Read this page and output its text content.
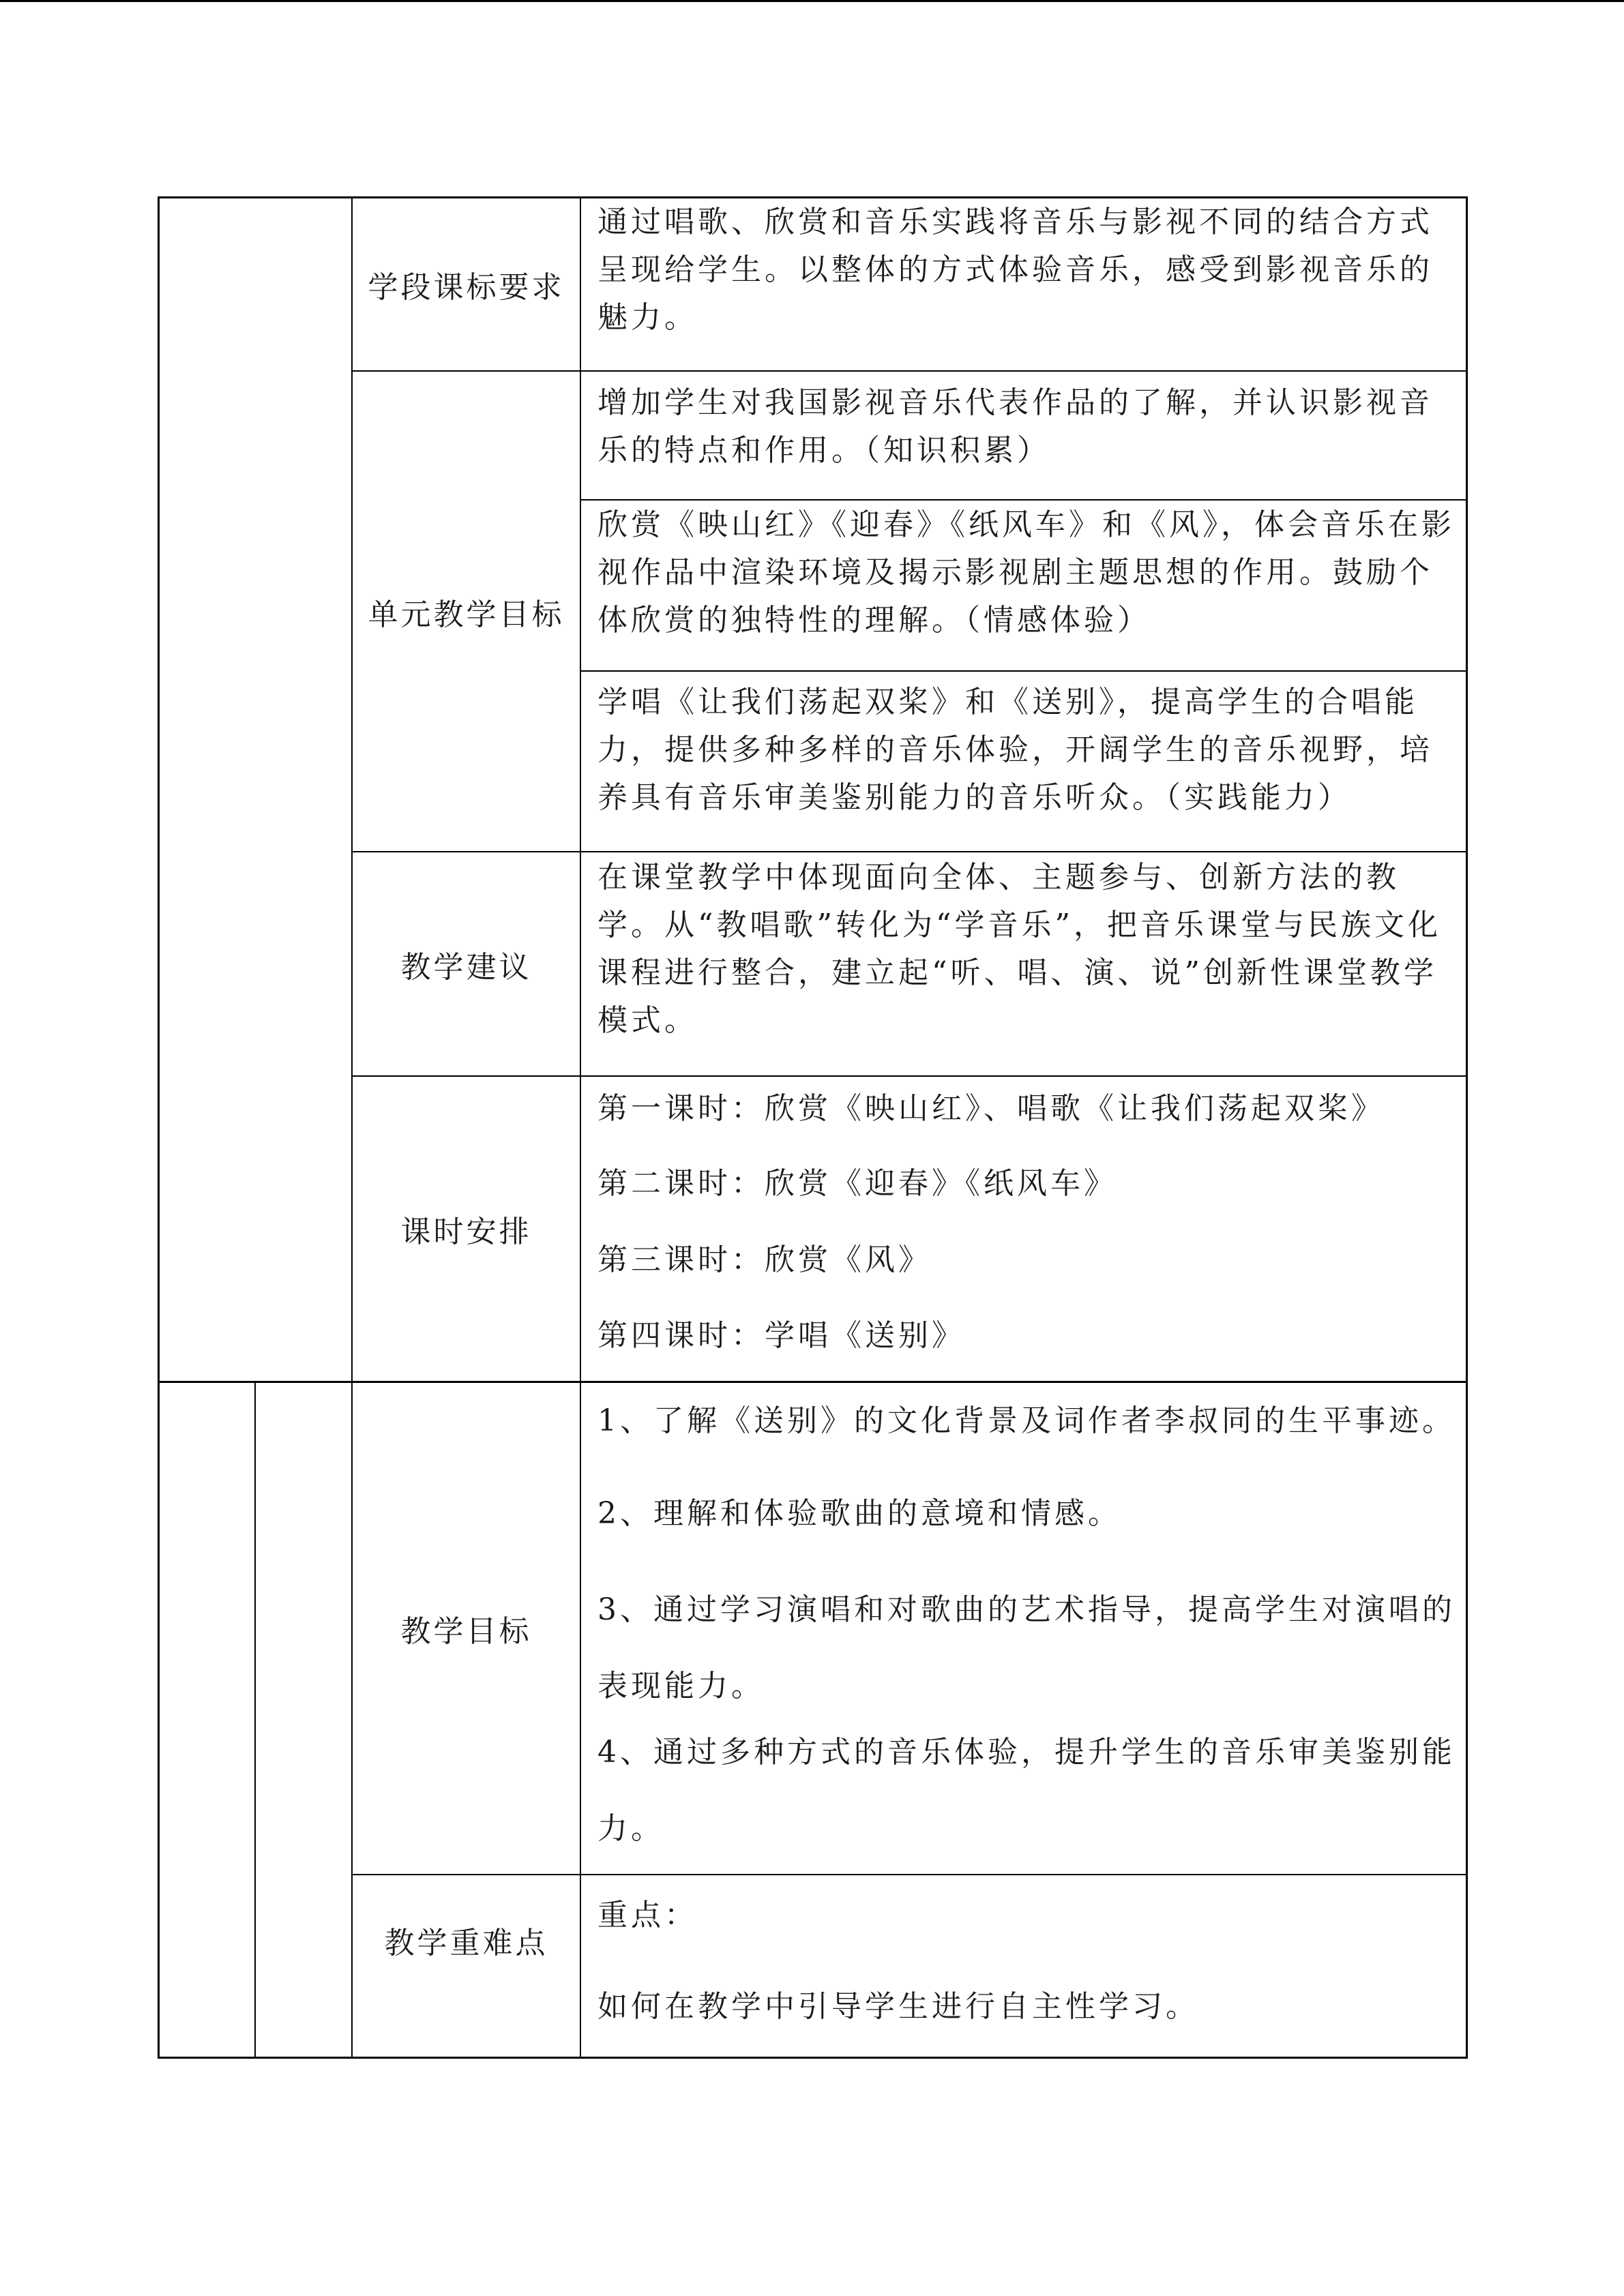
学段课标要求
通过唱歌、欣赏和音乐实践将音乐与影视不同的结合方式呈现给学生。以整体的方式体验音乐，感受到影视音乐的魅力。
单元教学目标
增加学生对我国影视音乐代表作品的了解，并认识影视音乐的特点和作用。（知识积累）
欣赏《映山红》《迎春》《纸风车》和《风》，体会音乐在影视作品中渲染环境及揭示影视剧主题思想的作用。鼓励个体欣赏的独特性的理解。（情感体验）
学唱《让我们荡起双桨》和《送别》，提高学生的合唱能力，提供多种多样的音乐体验，开阔学生的音乐视野，培养具有音乐审美鉴别能力的音乐听众。（实践能力）
教学建议
在课堂教学中体现面向全体、主题参与、创新方法的教学。从“教唱歌”转化为“学音乐”，把音乐课堂与民族文化课程进行整合，建立起“听、唱、演、说”创新性课堂教学模式。
课时安排
第一课时：欣赏《映山红》、唱歌《让我们荡起双桨》
第二课时：欣赏《迎春》《纸风车》
第三课时：欣赏《风》
第四课时：学唱《送别》
教学目标
1、了解《送别》的文化背景及词作者李叔同的生平事迹。
2、理解和体验歌曲的意境和情感。
3、通过学习演唱和对歌曲的艺术指导，提高学生对演唱的表现能力。
4、通过多种方式的音乐体验，提升学生的音乐审美鉴别能力。
教学重难点
重点：
如何在教学中引导学生进行自主性学习。
